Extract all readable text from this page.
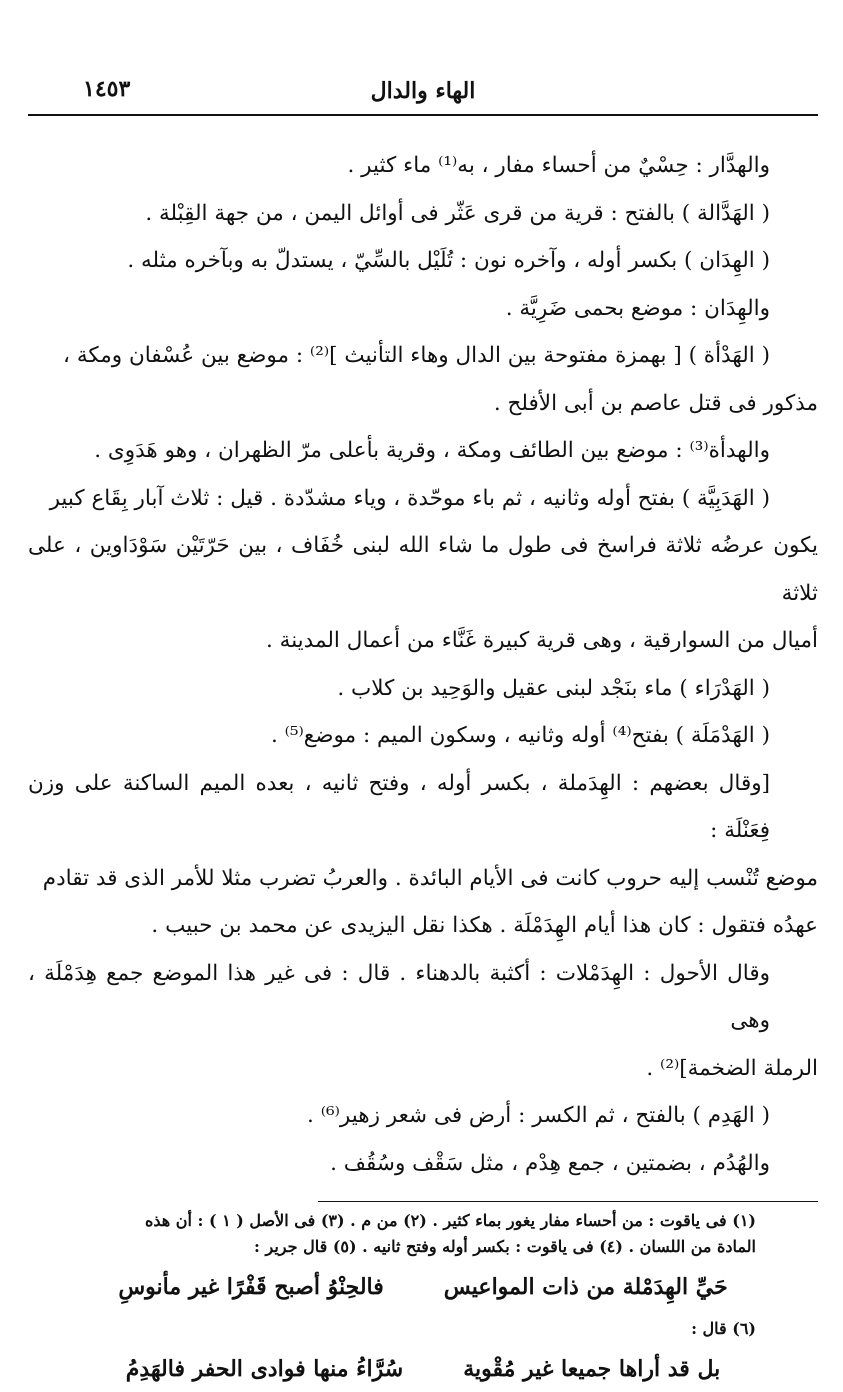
الهاء والدال
١٤٥٣

والهدَّار : حِسْيٌ من أحساء مفار ، به⁽¹⁾ ماء كثير .

( الهَدَّالة ) بالفتح : قرية من قرى عَثّر فى أوائل اليمن ، من جهة القِبْلة .

( الهِدَان ) بكسر أوله ، وآخره نون : تُلَيْل بالسِّيّ ، يستدلّ به وبآخره مثله .

والهِدَان : موضع بحمى ضَرِيَّة .

( الهَدْأة ) [ بهمزة مفتوحة بين الدال وهاء التأنيث ]⁽²⁾ : موضع بين عُسْفان ومكة ،

مذكور فى قتل عاصم بن أبى الأفلح .

والهدأة⁽³⁾ : موضع بين الطائف ومكة ، وقرية بأعلى مرّ الظهران ، وهو هَدَوِى .

( الهَدَبِيَّة ) بفتح أوله وثانيه ، ثم باء موحّدة ، وياء مشدّدة . قيل : ثلاث آبار بِقَاع كبير

يكون عرضُه ثلاثة فراسخ فى طول ما شاء الله لبنى خُفَاف ، بين حَرّتَيْن سَوْدَاوين ، على ثلاثة

أميال من السوارقية ، وهى قرية كبيرة غَنَّاء من أعمال المدينة .

( الهَدْرَاء ) ماء بنَجْد لبنى عقيل والوَحِيد بن كلاب .

( الهَدْمَلَة ) بفتح⁽⁴⁾ أوله وثانيه ، وسكون الميم : موضع⁽⁵⁾ .

[وقال بعضهم : الهِدَملة ، بكسر أوله ، وفتح ثانيه ، بعده الميم الساكنة على وزن فِعَنْلَة :

موضع تُنْسب إليه حروب كانت فى الأيام البائدة . والعربُ تضرب مثلا للأمر الذى قد تقادم

عهدُه فتقول : كان هذا أيام الهِدَمْلَة . هكذا نقل اليزيدى عن محمد بن حبيب .

وقال الأحول : الهِدَمْلات : أكثبة بالدهناء . قال : فى غير هذا الموضع جمع هِدَمْلَة ، وهى

الرملة الضخمة]⁽²⁾ .

( الهَدِم ) بالفتح ، ثم الكسر : أرض فى شعر زهير⁽⁶⁾ .

والهُدُم ، بضمتين ، جمع هِدْم ، مثل سَقْف وسُقُف .

(١) فى ياقوت : من أحساء مفار يغور بماء كثير . (٢) من م . (٣) فى الأصل ( ١ ) : أن هذه

المادة من اللسان . (٤) فى ياقوت : بكسر أوله وفتح ثانيه . (٥) قال جرير :

حَيِّ الهِدَمْلة من ذات المواعيس
فالحِنْوُ أصبح قَفْرًا غير مأنوسِ

(٦) قال :

بل قد أراها جميعا غير مُقْوية
سُرَّاءُ منها فوادى الحفر فالهَدِمُ
